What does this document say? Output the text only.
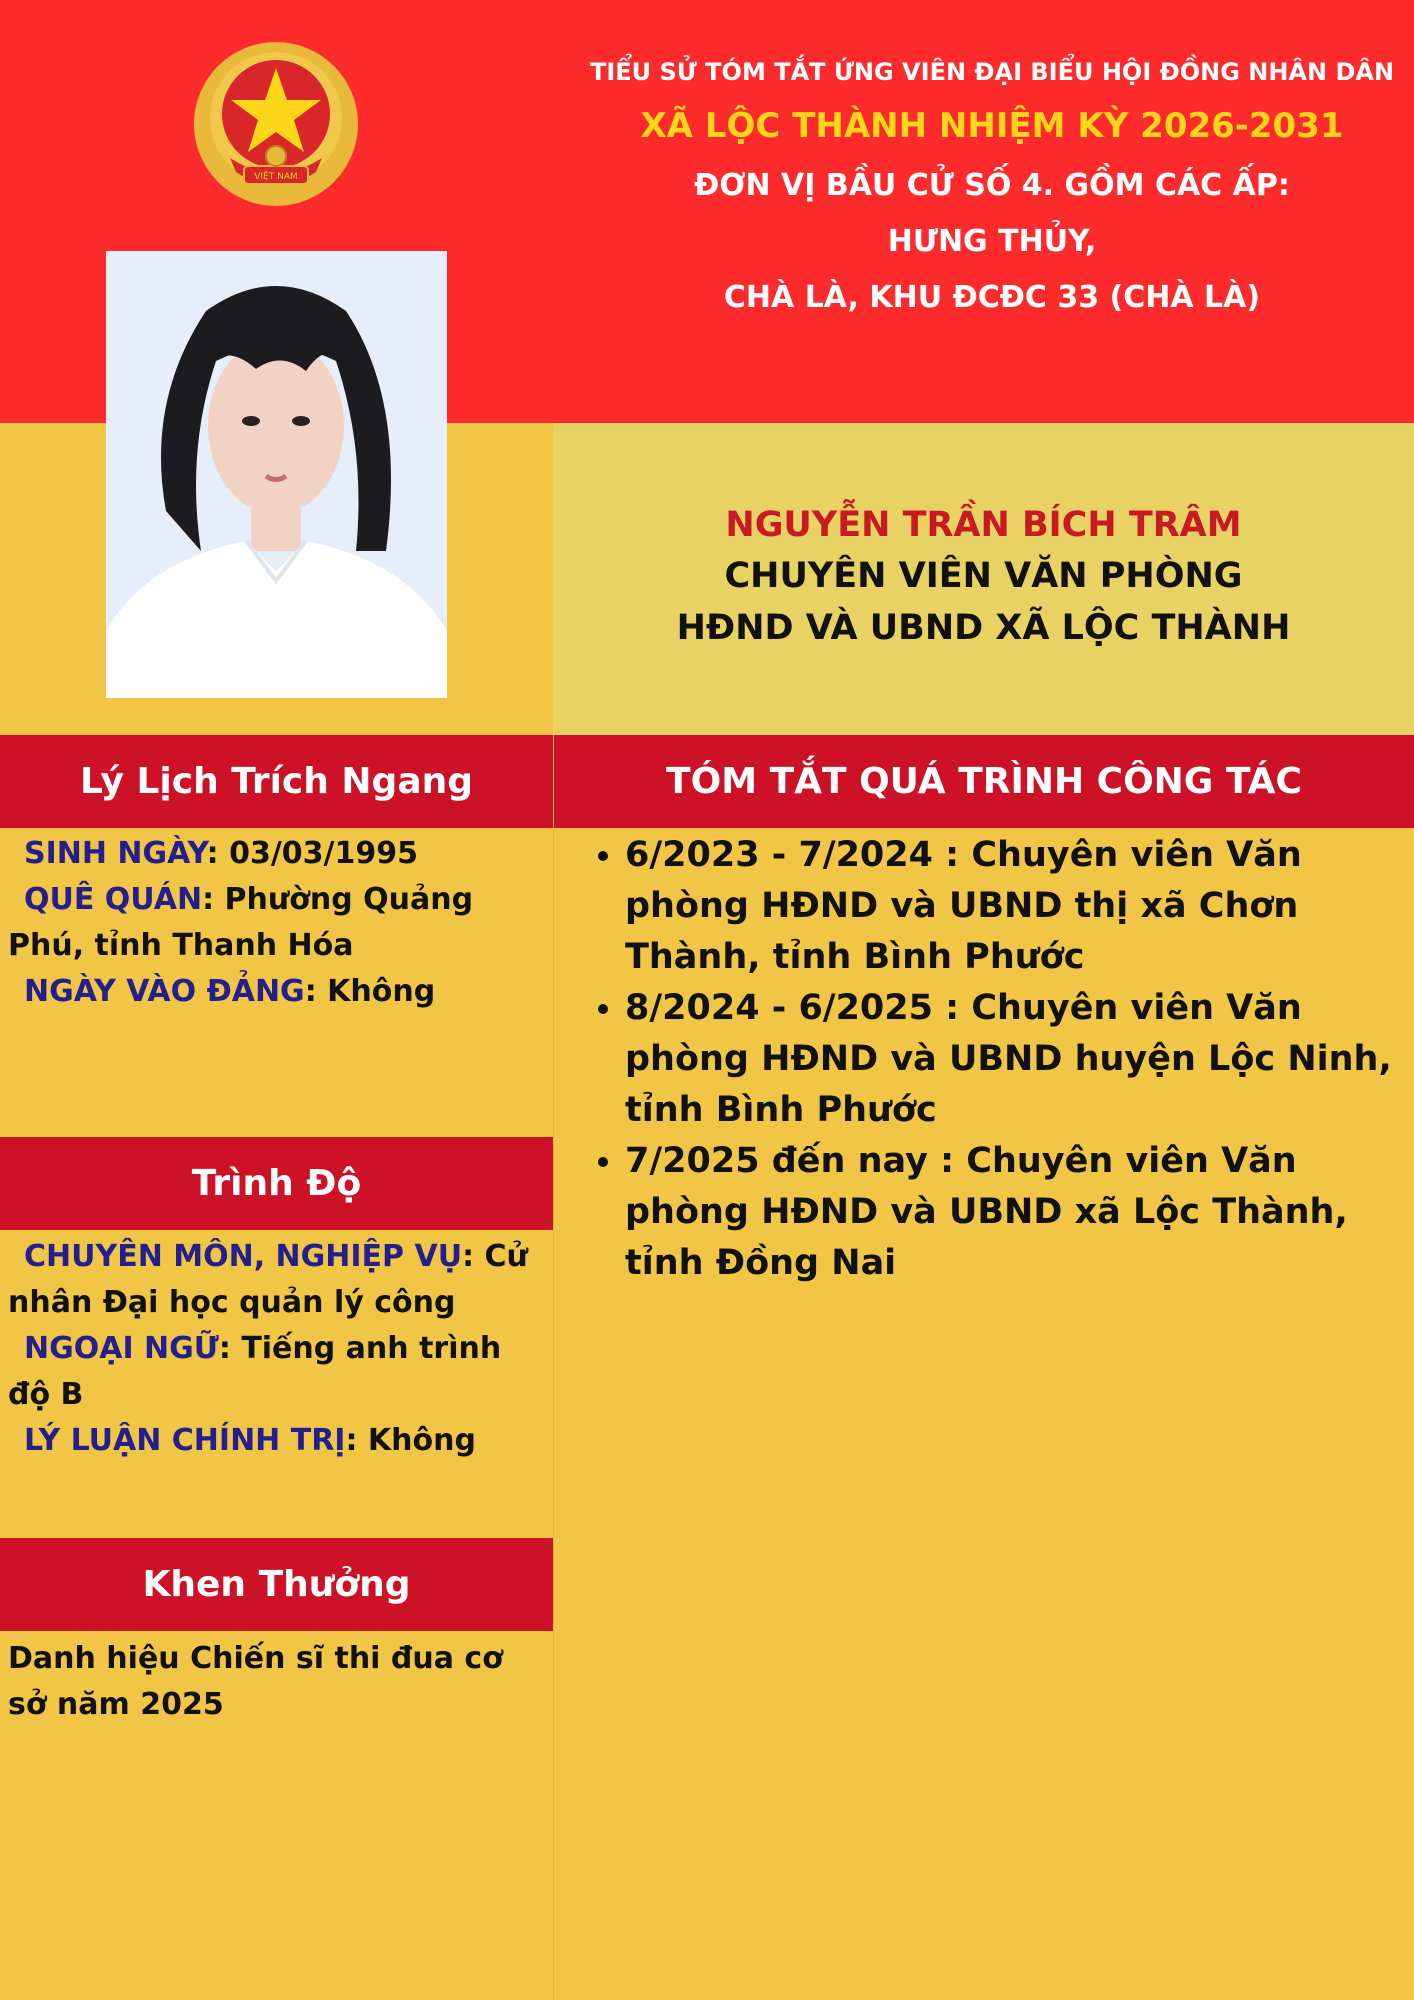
VIỆT NAM
TIỂU SỬ TÓM TẮT ỨNG VIÊN ĐẠI BIỂU HỘI ĐỒNG NHÂN DÂN
XÃ LỘC THÀNH NHIỆM KỲ 2026-2031
ĐƠN VỊ BẦU CỬ SỐ 4. GỒM CÁC ẤP:
HƯNG THỦY,
CHÀ LÀ, KHU ĐCĐC 33 (CHÀ LÀ)
NGUYỄN TRẦN BÍCH TRÂM
CHUYÊN VIÊN VĂN PHÒNG
HĐND VÀ UBND XÃ LỘC THÀNH
Lý Lịch Trích Ngang	TÓM TẮT QUÁ TRÌNH CÔNG TÁC
Trình Độ
Khen Thưởng
SINH NGÀY: 03/03/1995
QUÊ QUÁN: Phường Quảng Phú, tỉnh Thanh Hóa
NGÀY VÀO ĐẢNG: Không
CHUYÊN MÔN, NGHIỆP VỤ: Cử nhân Đại học quản lý công
NGOẠI NGỮ: Tiếng anh trình độ B
LÝ LUẬN CHÍNH TRỊ: Không
Danh hiệu Chiến sĩ thi đua cơ sở năm 2025
• 6/2023 - 7/2024 : Chuyên viên Văn phòng HĐND và UBND thị xã Chơn Thành, tỉnh Bình Phước
• 8/2024 - 6/2025 : Chuyên viên Văn phòng HĐND và UBND huyện Lộc Ninh, tỉnh Bình Phước
• 7/2025 đến nay : Chuyên viên Văn phòng HĐND và UBND xã Lộc Thành, tỉnh Đồng Nai
